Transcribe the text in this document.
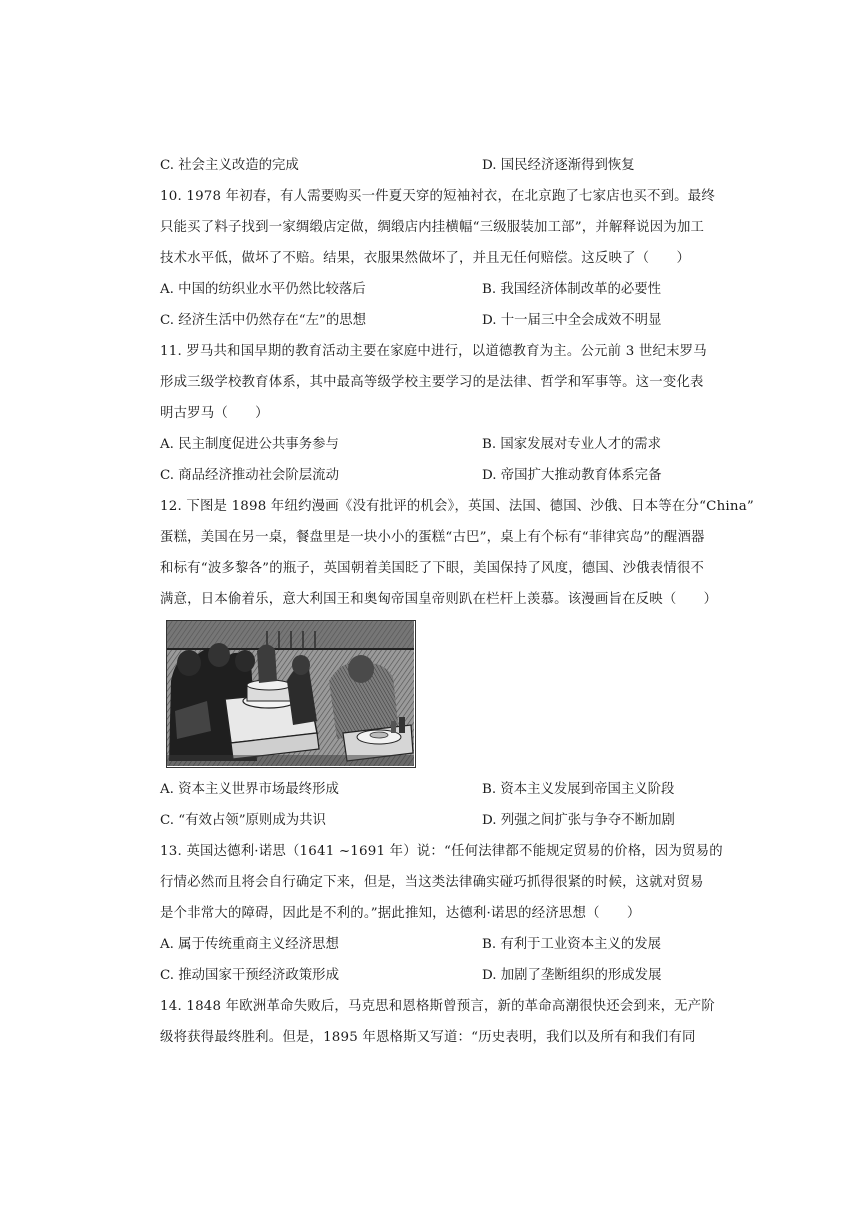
C. 社会主义改造的完成	D. 国民经济逐渐得到恢复
10. 1978 年初春，有人需要购买一件夏天穿的短袖衬衣，在北京跑了七家店也买不到。最终
只能买了料子找到一家绸缎店定做，绸缎店内挂横幅“三级服装加工部”，并解释说因为加工
技术水平低，做坏了不赔。结果，衣服果然做坏了，并且无任何赔偿。这反映了（　　）
A. 中国的纺织业水平仍然比较落后	B. 我国经济体制改革的必要性
C. 经济生活中仍然存在“左”的思想	D. 十一届三中全会成效不明显
11. 罗马共和国早期的教育活动主要在家庭中进行，以道德教育为主。公元前 3 世纪末罗马
形成三级学校教育体系，其中最高等级学校主要学习的是法律、哲学和军事等。这一变化表
明古罗马（　　）
A. 民主制度促进公共事务参与	B. 国家发展对专业人才的需求
C. 商品经济推动社会阶层流动	D. 帝国扩大推动教育体系完备
12. 下图是 1898 年纽约漫画《没有批评的机会》，英国、法国、德国、沙俄、日本等在分“China”
蛋糕，美国在另一桌，餐盘里是一块小小的蛋糕“古巴”，桌上有个标有“菲律宾岛”的醒酒器
和标有“波多黎各”的瓶子，英国朝着美国眨了下眼，美国保持了风度，德国、沙俄表情很不
满意，日本偷着乐，意大利国王和奥匈帝国皇帝则趴在栏杆上羡慕。该漫画旨在反映（　　）
A. 资本主义世界市场最终形成	B. 资本主义发展到帝国主义阶段
C. “有效占领”原则成为共识	D. 列强之间扩张与争夺不断加剧
13. 英国达德利·诺思（1641 ~1691 年）说：“任何法律都不能规定贸易的价格，因为贸易的
行情必然而且将会自行确定下来，但是，当这类法律确实碰巧抓得很紧的时候，这就对贸易
是个非常大的障碍，因此是不利的。”据此推知，达德利·诺思的经济思想（　　）
A. 属于传统重商主义经济思想	B. 有利于工业资本主义的发展
C. 推动国家干预经济政策形成	D. 加剧了垄断组织的形成发展
14. 1848 年欧洲革命失败后，马克思和恩格斯曾预言，新的革命高潮很快还会到来，无产阶
级将获得最终胜利。但是，1895 年恩格斯又写道：“历史表明，我们以及所有和我们有同
